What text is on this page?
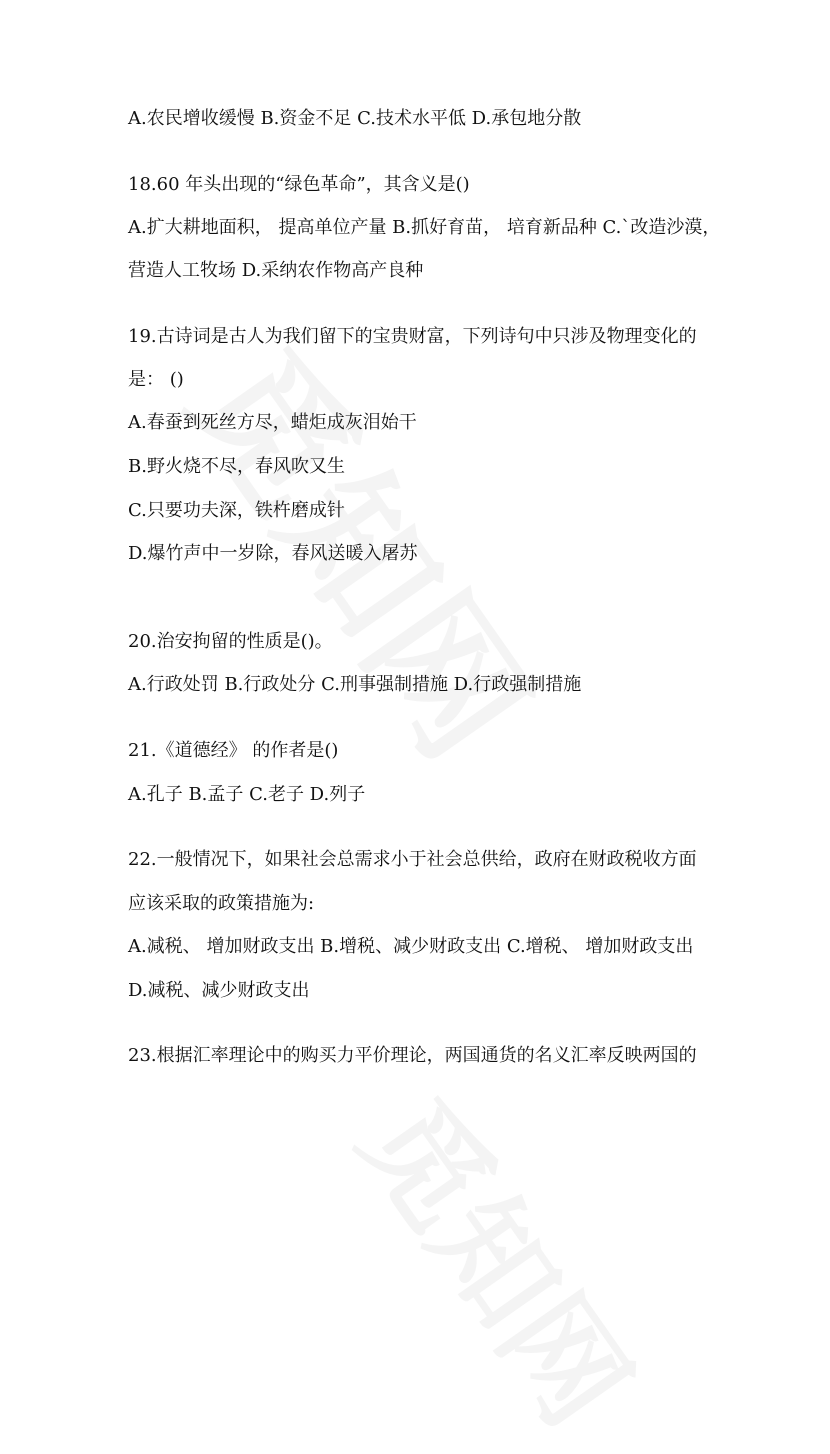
A.农民增收缓慢 B.资金不足 C.技术水平低 D.承包地分散

18.60 年头出现的“绿色革命”，其含义是()

A.扩大耕地面积， 提高单位产量 B.抓好育苗， 培育新品种 C.`改造沙漠，

营造人工牧场 D.采纳农作物高产良种

19.古诗词是古人为我们留下的宝贵财富，下列诗句中只涉及物理变化的

是： ()

A.春蚕到死丝方尽，蜡炬成灰泪始干

B.野火烧不尽，春风吹又生

C.只要功夫深，铁杵磨成针

D.爆竹声中一岁除，春风送暖入屠苏

20.治安拘留的性质是()。

A.行政处罚 B.行政处分 C.刑事强制措施 D.行政强制措施

21.《道德经》 的作者是()

A.孔子 B.孟子 C.老子 D.列子

22.一般情况下，如果社会总需求小于社会总供给，政府在财政税收方面

应该采取的政策措施为:

A.减税、 增加财政支出 B.增税、减少财政支出 C.增税、 增加财政支出

D.减税、减少财政支出

23.根据汇率理论中的购买力平价理论，两国通货的名义汇率反映两国的
